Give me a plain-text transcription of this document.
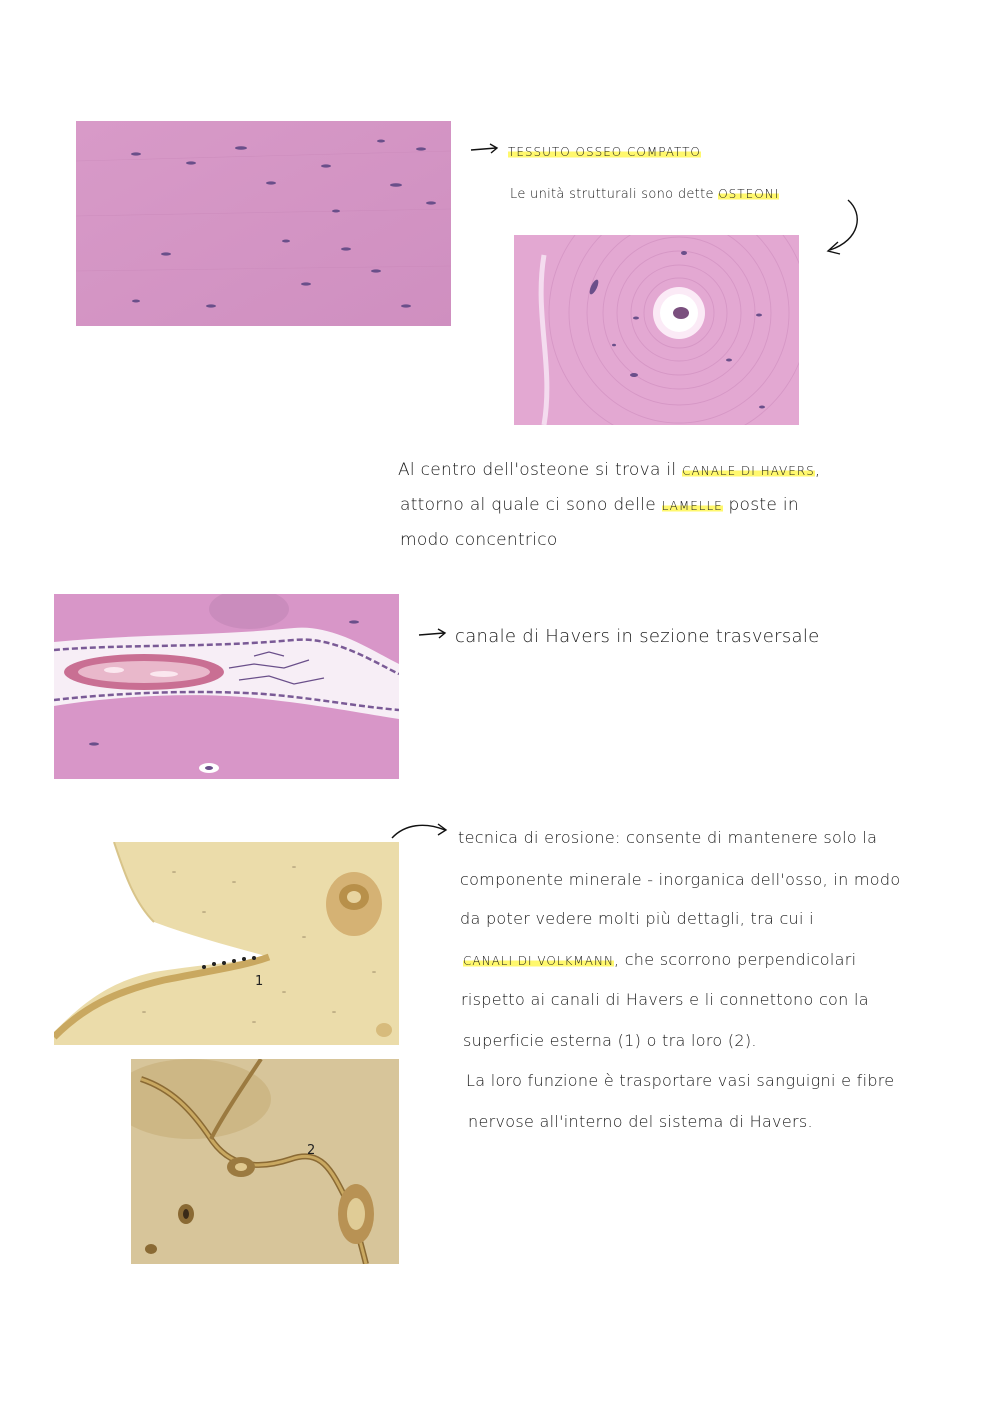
TESSUTO OSSEO COMPATTO
Le unità strutturali sono dette OSTEONI
Al centro dell'osteone si trova il CANALE DI HAVERS,
attorno al quale ci sono delle LAMELLE poste in
modo concentrico
canale di Havers in sezione trasversale
1
2
tecnica di erosione: consente di mantenere solo la
componente minerale - inorganica dell'osso, in modo
da poter vedere molti più dettagli, tra cui i
CANALI DI VOLKMANN, che scorrono perpendicolari
rispetto ai canali di Havers e li connettono con la
superficie esterna (1) o tra loro (2).
La loro funzione è trasportare vasi sanguigni e fibre
nervose all'interno del sistema di Havers.
